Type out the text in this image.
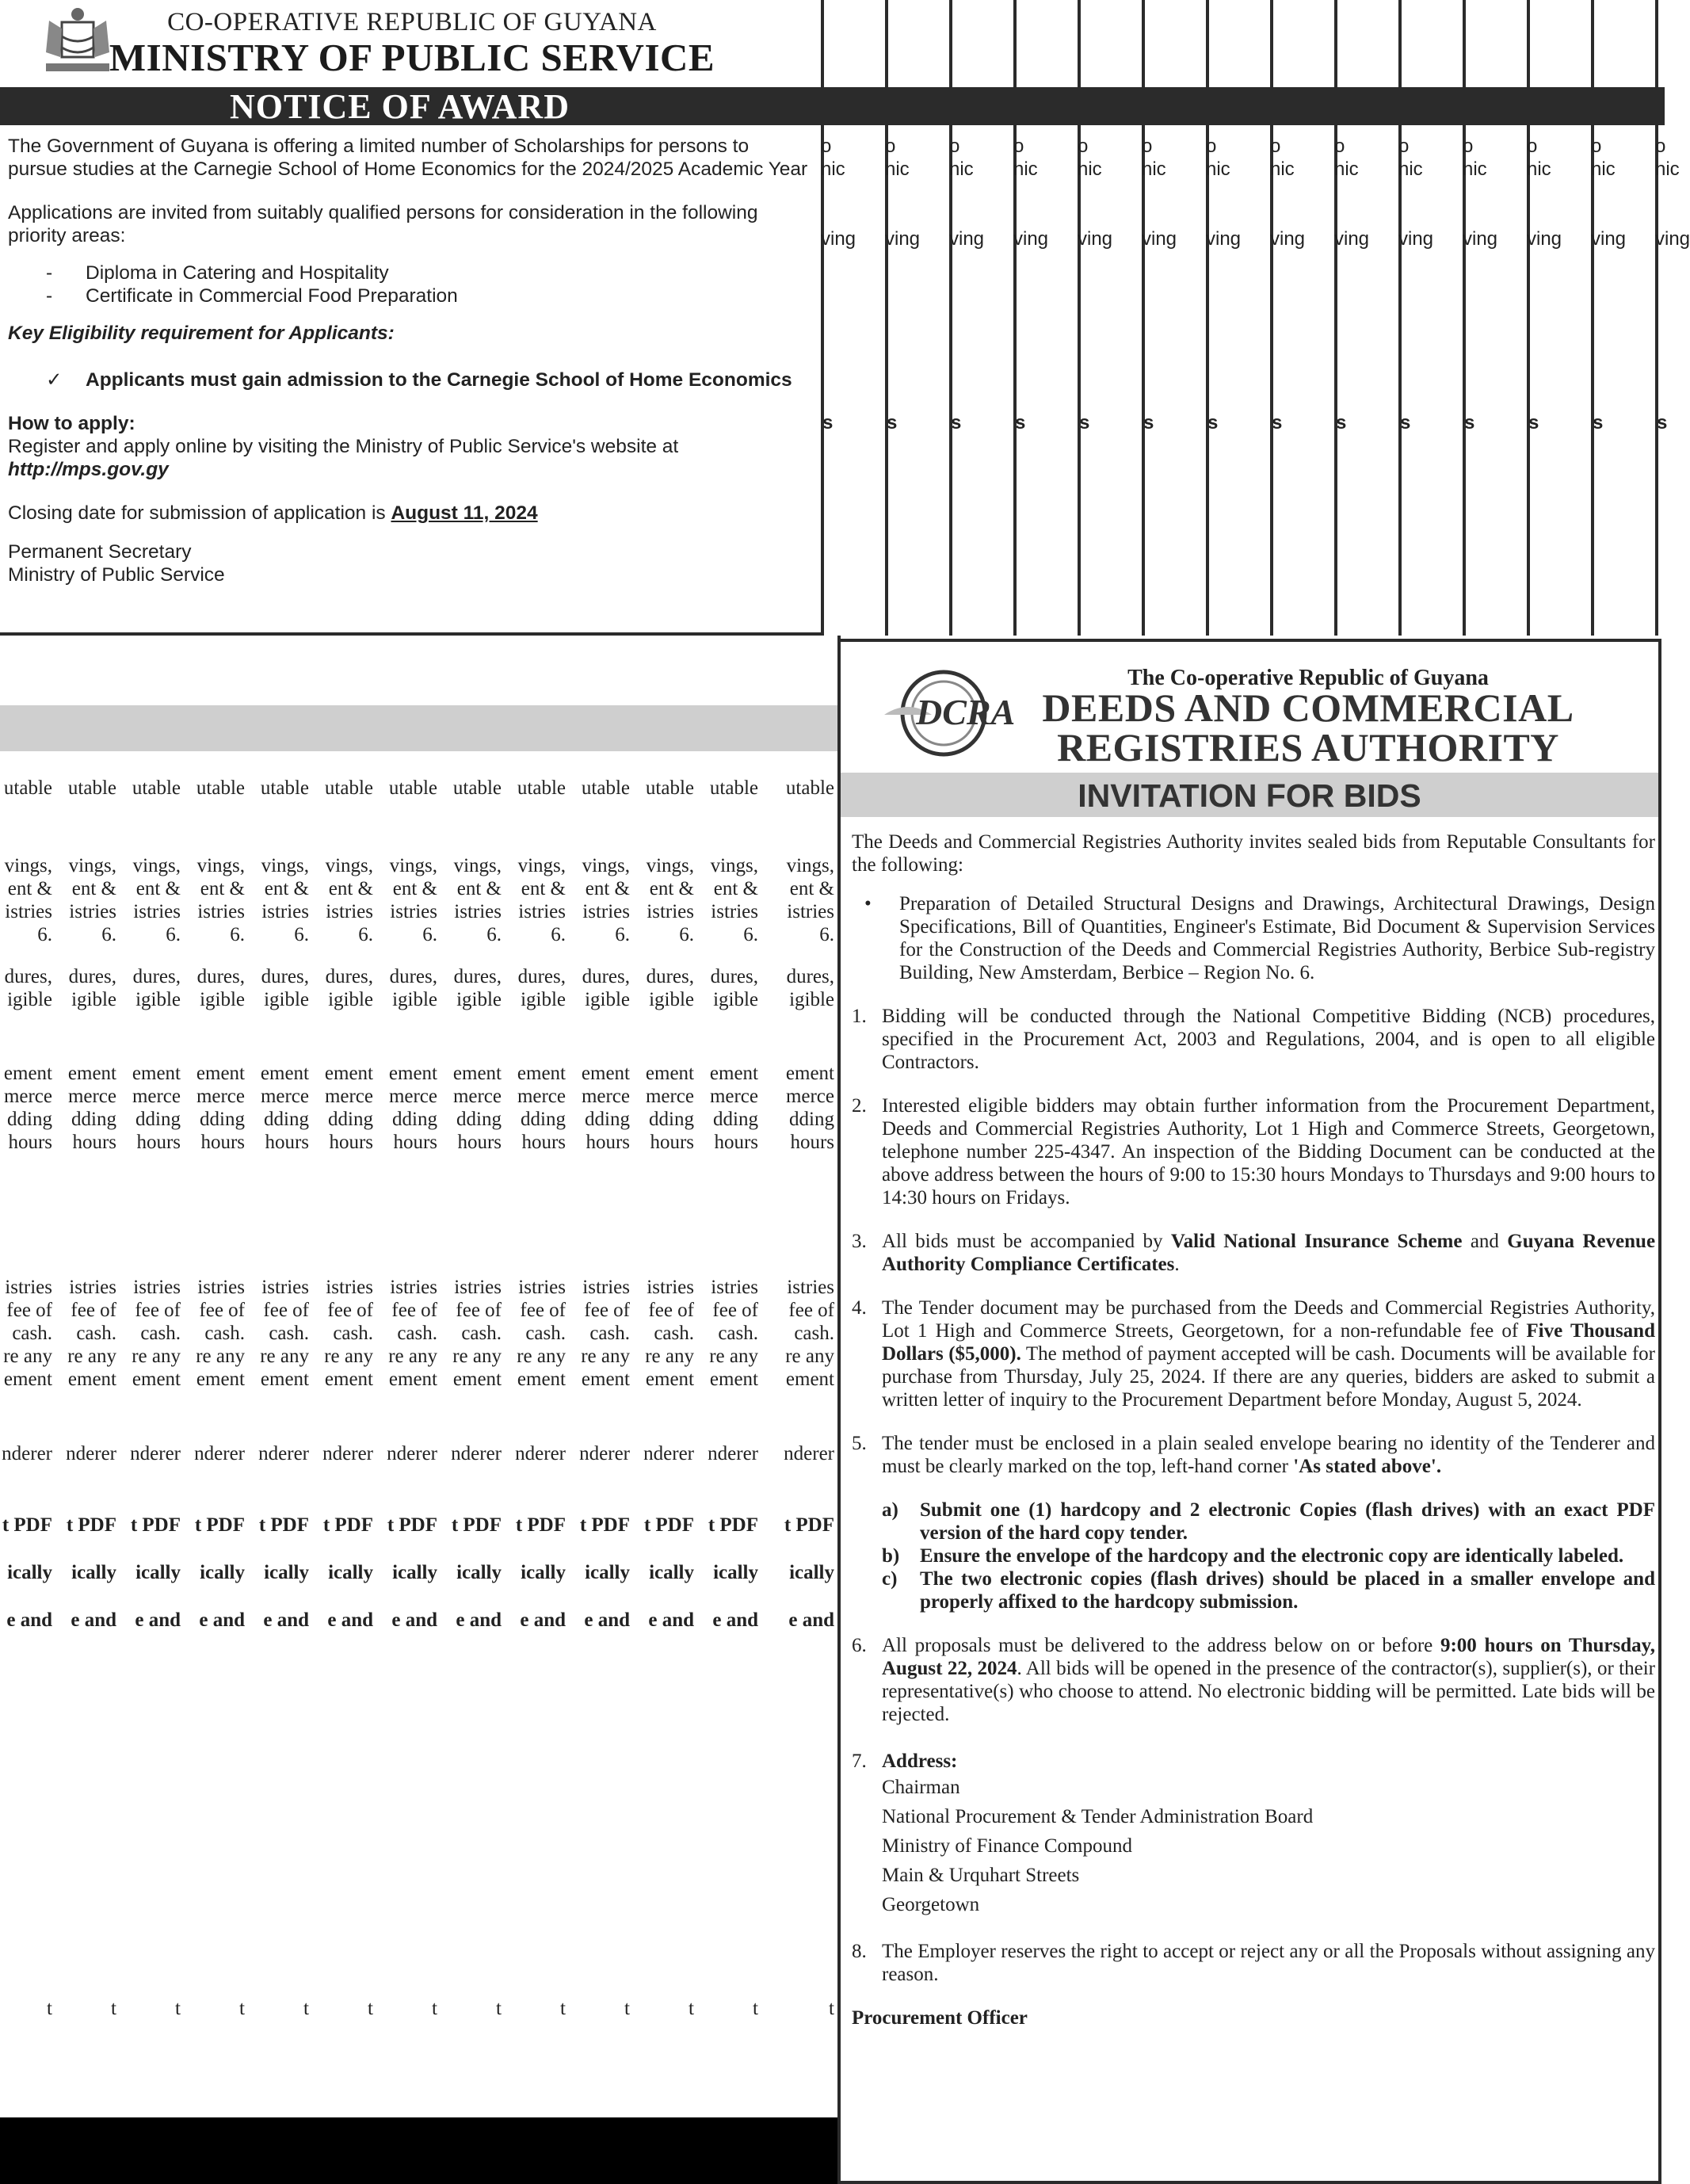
CO-OPERATIVE REPUBLIC OF GUYANA
MINISTRY OF PUBLIC SERVICE
NOTICE OF AWARD

The Government of Guyana is offering a limited number of Scholarships for persons to pursue studies at the Carnegie School of Home Economics for the 2024/2025 Academic Year

Applications are invited from suitably qualified persons for consideration in the following priority areas:

- Diploma in Catering and Hospitality
- Certificate in Commercial Food Preparation

Key Eligibility requirement for Applicants:

✓ Applicants must gain admission to the Carnegie School of Home Economics

How to apply:

Register and apply online by visiting the Ministry of Public Service's website at

http://mps.gov.gy

Closing date for submission of application is August 11, 2024

Permanent Secretary

Ministry of Public Service

o
nic
ving
s
o
nic
ving
s
o
nic
ving
s
o
nic
ving
s
o
nic
ving
s
o
nic
ving
s
o
nic
ving
s
o
nic
ving
s
o
nic
ving
s
o
nic
ving
s
o
nic
ving
s
o
nic
ving
s
o
nic
ving
s
o
nic
ving
s
utable
vings,
ent &
istries
6.
dures,
igible
ement
merce
dding
hours
istries
fee of
cash.
re any
ement
nderer
t PDF
ically
e and
t
utable
vings,
ent &
istries
6.
dures,
igible
ement
merce
dding
hours
istries
fee of
cash.
re any
ement
nderer
t PDF
ically
e and
t
utable
vings,
ent &
istries
6.
dures,
igible
ement
merce
dding
hours
istries
fee of
cash.
re any
ement
nderer
t PDF
ically
e and
t
utable
vings,
ent &
istries
6.
dures,
igible
ement
merce
dding
hours
istries
fee of
cash.
re any
ement
nderer
t PDF
ically
e and
t
utable
vings,
ent &
istries
6.
dures,
igible
ement
merce
dding
hours
istries
fee of
cash.
re any
ement
nderer
t PDF
ically
e and
t
utable
vings,
ent &
istries
6.
dures,
igible
ement
merce
dding
hours
istries
fee of
cash.
re any
ement
nderer
t PDF
ically
e and
t
utable
vings,
ent &
istries
6.
dures,
igible
ement
merce
dding
hours
istries
fee of
cash.
re any
ement
nderer
t PDF
ically
e and
t
utable
vings,
ent &
istries
6.
dures,
igible
ement
merce
dding
hours
istries
fee of
cash.
re any
ement
nderer
t PDF
ically
e and
t
utable
vings,
ent &
istries
6.
dures,
igible
ement
merce
dding
hours
istries
fee of
cash.
re any
ement
nderer
t PDF
ically
e and
t
utable
vings,
ent &
istries
6.
dures,
igible
ement
merce
dding
hours
istries
fee of
cash.
re any
ement
nderer
t PDF
ically
e and
t
utable
vings,
ent &
istries
6.
dures,
igible
ement
merce
dding
hours
istries
fee of
cash.
re any
ement
nderer
t PDF
ically
e and
t
utable
vings,
ent &
istries
6.
dures,
igible
ement
merce
dding
hours
istries
fee of
cash.
re any
ement
nderer
t PDF
ically
e and
t
utable
vings,
ent &
istries
6.
dures,
igible
ement
merce
dding
hours
istries
fee of
cash.
re any
ement
nderer
t PDF
ically
e and
t
DCRA
The Co-operative Republic of Guyana
DEEDS AND COMMERCIAL
REGISTRIES AUTHORITY
INVITATION FOR BIDS

The Deeds and Commercial Registries Authority invites sealed bids from Reputable Consultants for the following:

• Preparation of Detailed Structural Designs and Drawings, Architectural Drawings, Design Specifications, Bill of Quantities, Engineer's Estimate, Bid Document & Supervision Services for the Construction of the Deeds and Commercial Registries Authority, Berbice Sub-registry Building, New Amsterdam, Berbice – Region No. 6.

1. Bidding will be conducted through the National Competitive Bidding (NCB) procedures, specified in the Procurement Act, 2003 and Regulations, 2004, and is open to all eligible Contractors.
2. Interested eligible bidders may obtain further information from the Procurement Department, Deeds and Commercial Registries Authority, Lot 1 High and Commerce Streets, Georgetown, telephone number 225-4347. An inspection of the Bidding Document can be conducted at the above address between the hours of 9:00 to 15:30 hours Mondays to Thursdays and 9:00 hours to 14:30 hours on Fridays.
3. All bids must be accompanied by Valid National Insurance Scheme and Guyana Revenue Authority Compliance Certificates.
4. The Tender document may be purchased from the Deeds and Commercial Registries Authority, Lot 1 High and Commerce Streets, Georgetown, for a non-refundable fee of Five Thousand Dollars ($5,000). The method of payment accepted will be cash. Documents will be available for purchase from Thursday, July 25, 2024. If there are any queries, bidders are asked to submit a written letter of inquiry to the Procurement Department before Monday, August 5, 2024.
5. The tender must be enclosed in a plain sealed envelope bearing no identity of the Tenderer and must be clearly marked on the top, left-hand corner 'As stated above'.
a) Submit one (1) hardcopy and 2 electronic Copies (flash drives) with an exact PDF version of the hard copy tender.
b) Ensure the envelope of the hardcopy and the electronic copy are identically labeled.
c) The two electronic copies (flash drives) should be placed in a smaller envelope and properly affixed to the hardcopy submission.
6. All proposals must be delivered to the address below on or before 9:00 hours on Thursday, August 22, 2024. All bids will be opened in the presence of the contractor(s), supplier(s), or their representative(s) who choose to attend. No electronic bidding will be permitted. Late bids will be rejected.
7. Address:
Chairman
National Procurement & Tender Administration Board
Ministry of Finance Compound
Main & Urquhart Streets
Georgetown
8. The Employer reserves the right to accept or reject any or all the Proposals without assigning any reason.

Procurement Officer
